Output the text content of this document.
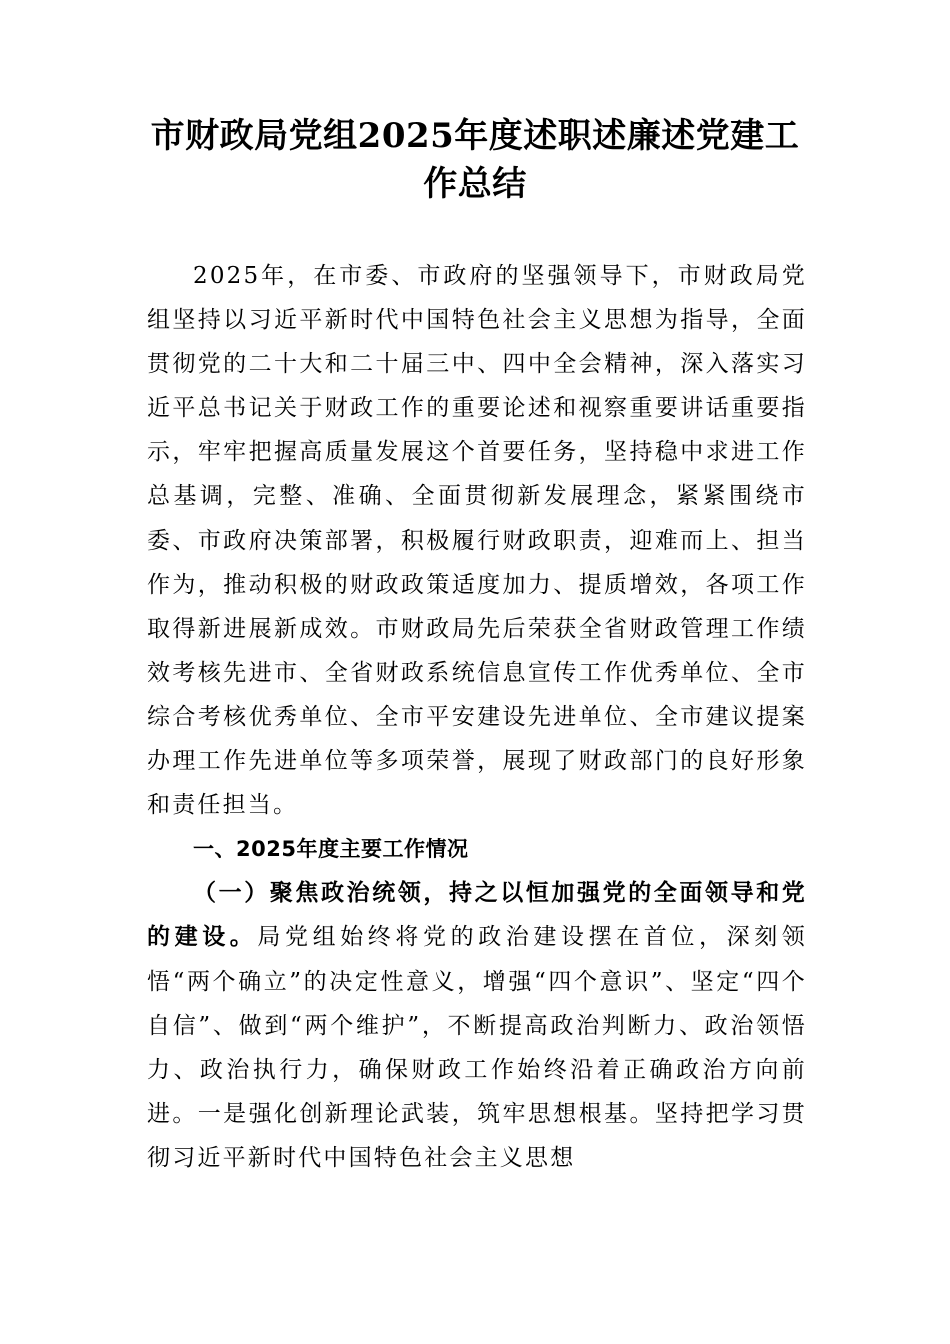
市财政局党组2025年度述职述廉述党建工作总结

2025年，在市委、市政府的坚强领导下，市财政局党组坚持以习近平新时代中国特色社会主义思想为指导，全面贯彻党的二十大和二十届三中、四中全会精神，深入落实习近平总书记关于财政工作的重要论述和视察重要讲话重要指示，牢牢把握高质量发展这个首要任务，坚持稳中求进工作总基调，完整、准确、全面贯彻新发展理念，紧紧围绕市委、市政府决策部署，积极履行财政职责，迎难而上、担当作为，推动积极的财政政策适度加力、提质增效，各项工作取得新进展新成效。市财政局先后荣获全省财政管理工作绩效考核先进市、全省财政系统信息宣传工作优秀单位、全市综合考核优秀单位、全市平安建设先进单位、全市建议提案办理工作先进单位等多项荣誉，展现了财政部门的良好形象和责任担当。

一、2025年度主要工作情况

（一）聚焦政治统领，持之以恒加强党的全面领导和党的建设。局党组始终将党的政治建设摆在首位，深刻领悟“两个确立”的决定性意义，增强“四个意识”、坚定“四个自信”、做到“两个维护”，不断提高政治判断力、政治领悟力、政治执行力，确保财政工作始终沿着正确政治方向前进。一是强化创新理论武装，筑牢思想根基。坚持把学习贯彻习近平新时代中国特色社会主义思想
